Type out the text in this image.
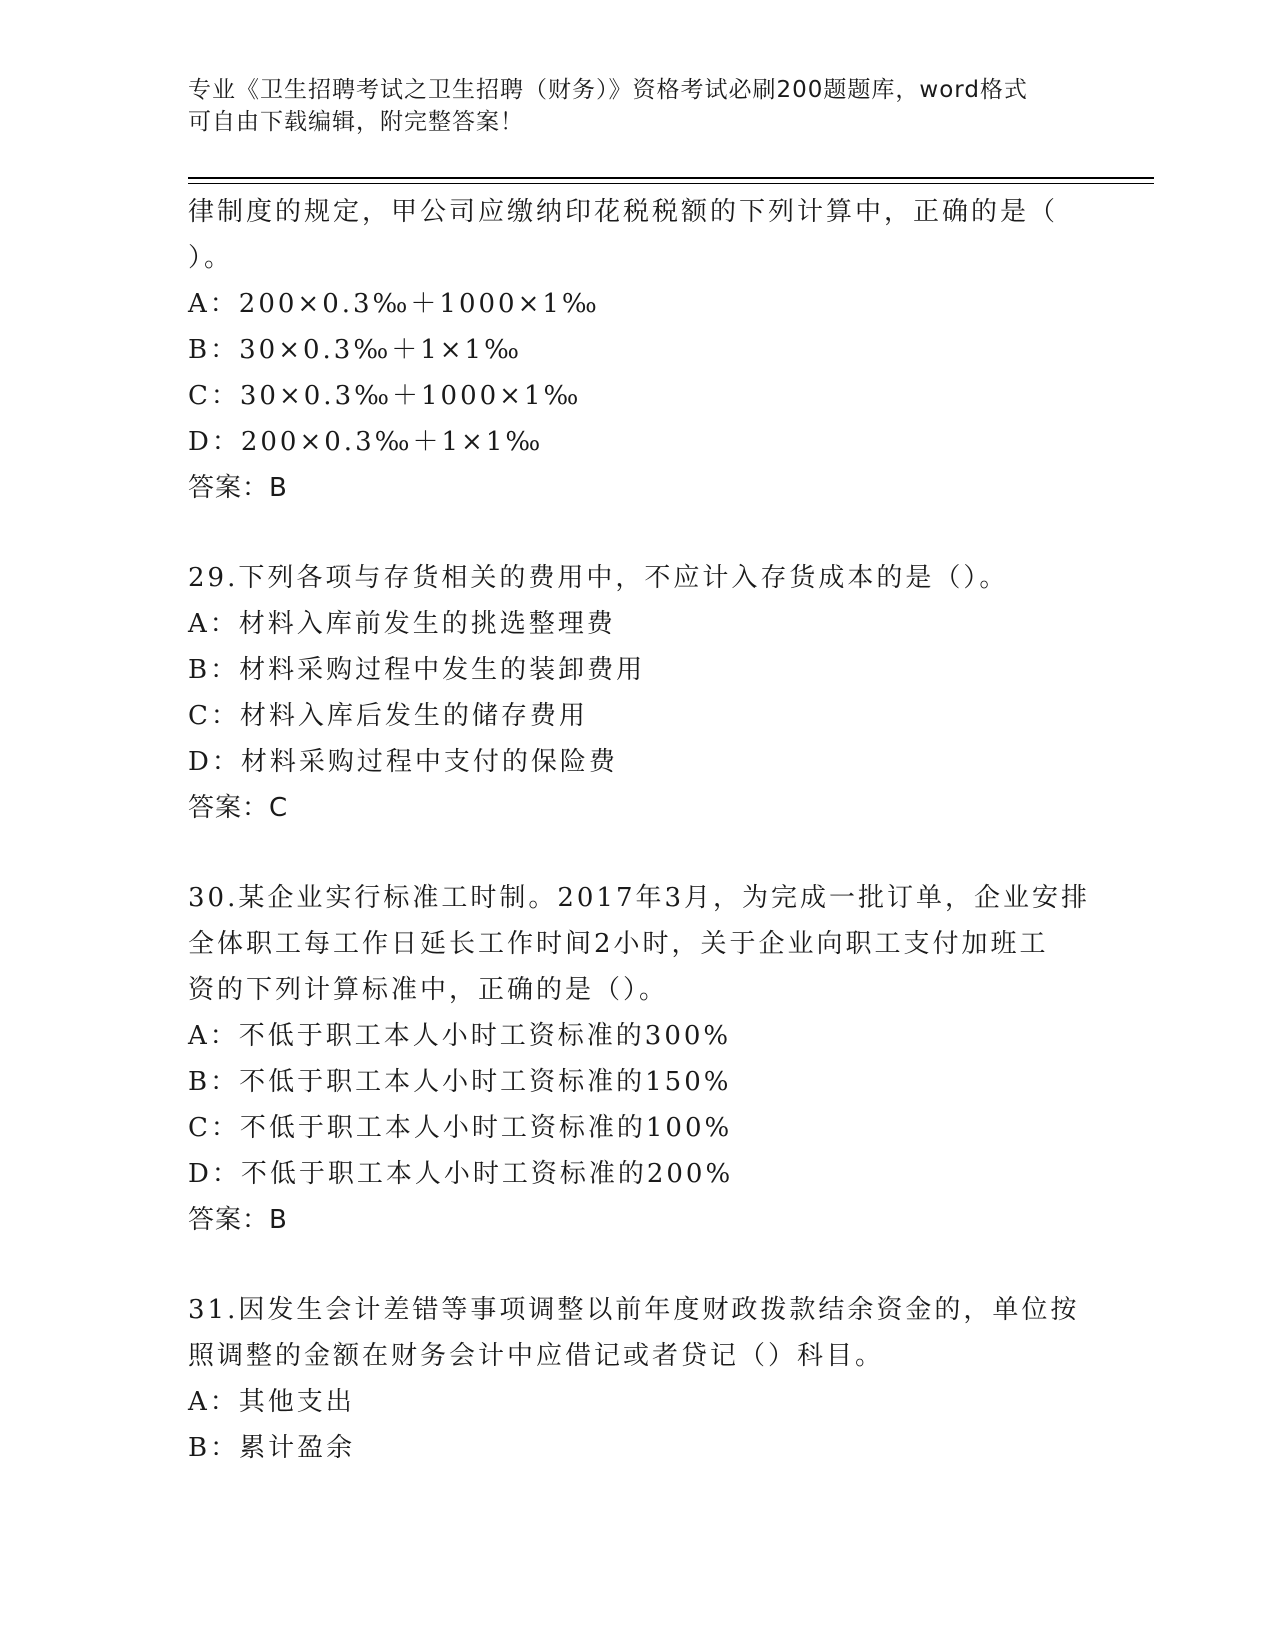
专业《卫生招聘考试之卫生招聘（财务）》资格考试必刷200题题库，word格式
可自由下载编辑，附完整答案！
律制度的规定，甲公司应缴纳印花税税额的下列计算中，正确的是（
）。
A：200×0.3‰＋1000×1‰
B：30×0.3‰＋1×1‰
C：30×0.3‰＋1000×1‰
D：200×0.3‰＋1×1‰
答案：B
29.下列各项与存货相关的费用中，不应计入存货成本的是（）。
A：材料入库前发生的挑选整理费
B：材料采购过程中发生的装卸费用
C：材料入库后发生的储存费用
D：材料采购过程中支付的保险费
答案：C
30.某企业实行标准工时制。2017年3月，为完成一批订单，企业安排
全体职工每工作日延长工作时间2小时，关于企业向职工支付加班工
资的下列计算标准中，正确的是（）。
A：不低于职工本人小时工资标准的300%
B：不低于职工本人小时工资标准的150%
C：不低于职工本人小时工资标准的100%
D：不低于职工本人小时工资标准的200%
答案：B
31.因发生会计差错等事项调整以前年度财政拨款结余资金的，单位按
照调整的金额在财务会计中应借记或者贷记（）科目。
A：其他支出
B：累计盈余
